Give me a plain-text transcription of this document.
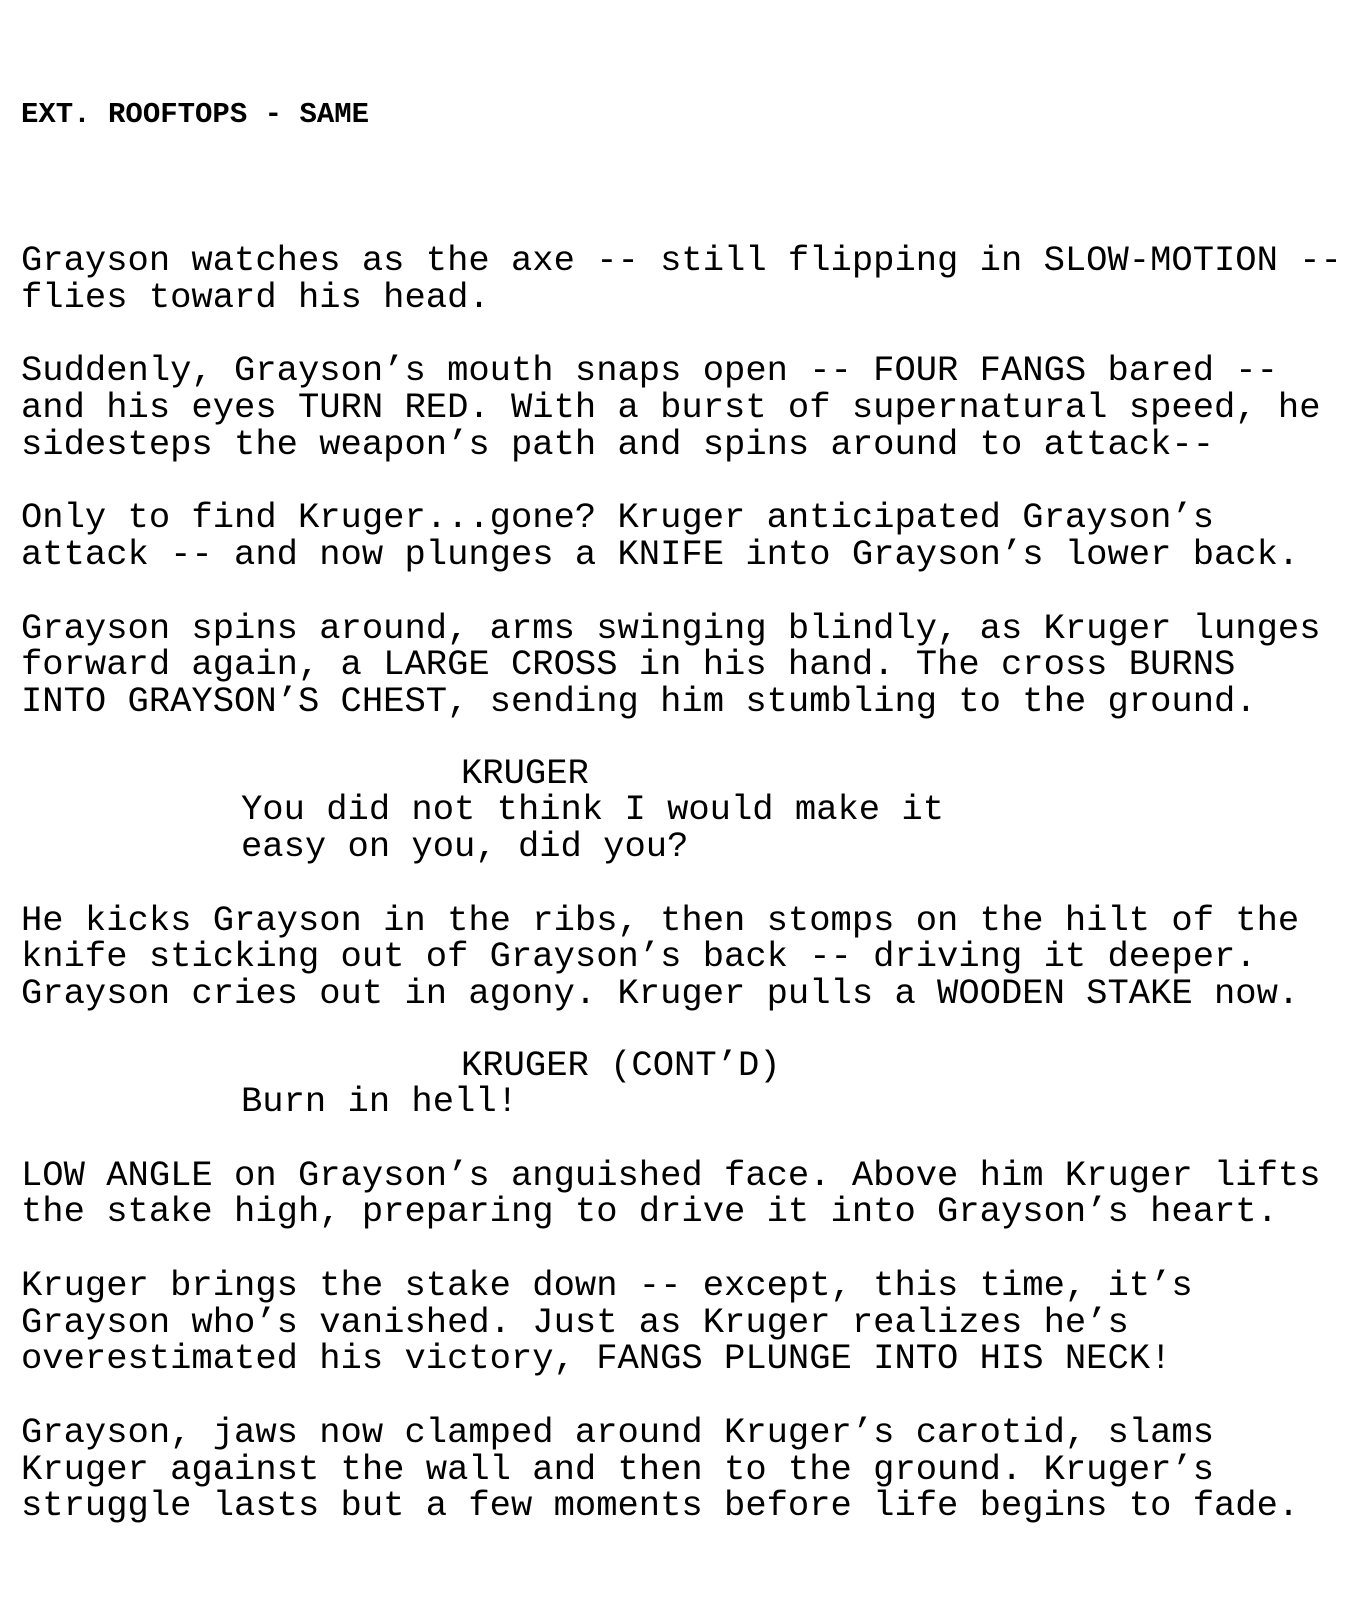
EXT. ROOFTOPS - SAME

Grayson watches as the axe -- still flipping in SLOW-MOTION --
flies toward his head.
Suddenly, Grayson’s mouth snaps open -- FOUR FANGS bared --
and his eyes TURN RED. With a burst of supernatural speed, he
sidesteps the weapon’s path and spins around to attack--
Only to find Kruger...gone? Kruger anticipated Grayson’s
attack -- and now plunges a KNIFE into Grayson’s lower back.
Grayson spins around, arms swinging blindly, as Kruger lunges
forward again, a LARGE CROSS in his hand. The cross BURNS
INTO GRAYSON’S CHEST, sending him stumbling to the ground.
KRUGER
You did not think I would make it
easy on you, did you?
He kicks Grayson in the ribs, then stomps on the hilt of the
knife sticking out of Grayson’s back -- driving it deeper.
Grayson cries out in agony. Kruger pulls a WOODEN STAKE now.
KRUGER (CONT’D)
Burn in hell!
LOW ANGLE on Grayson’s anguished face. Above him Kruger lifts
the stake high, preparing to drive it into Grayson’s heart.
Kruger brings the stake down -- except, this time, it’s
Grayson who’s vanished. Just as Kruger realizes he’s
overestimated his victory, FANGS PLUNGE INTO HIS NECK!
Grayson, jaws now clamped around Kruger’s carotid, slams
Kruger against the wall and then to the ground. Kruger’s
struggle lasts but a few moments before life begins to fade.
